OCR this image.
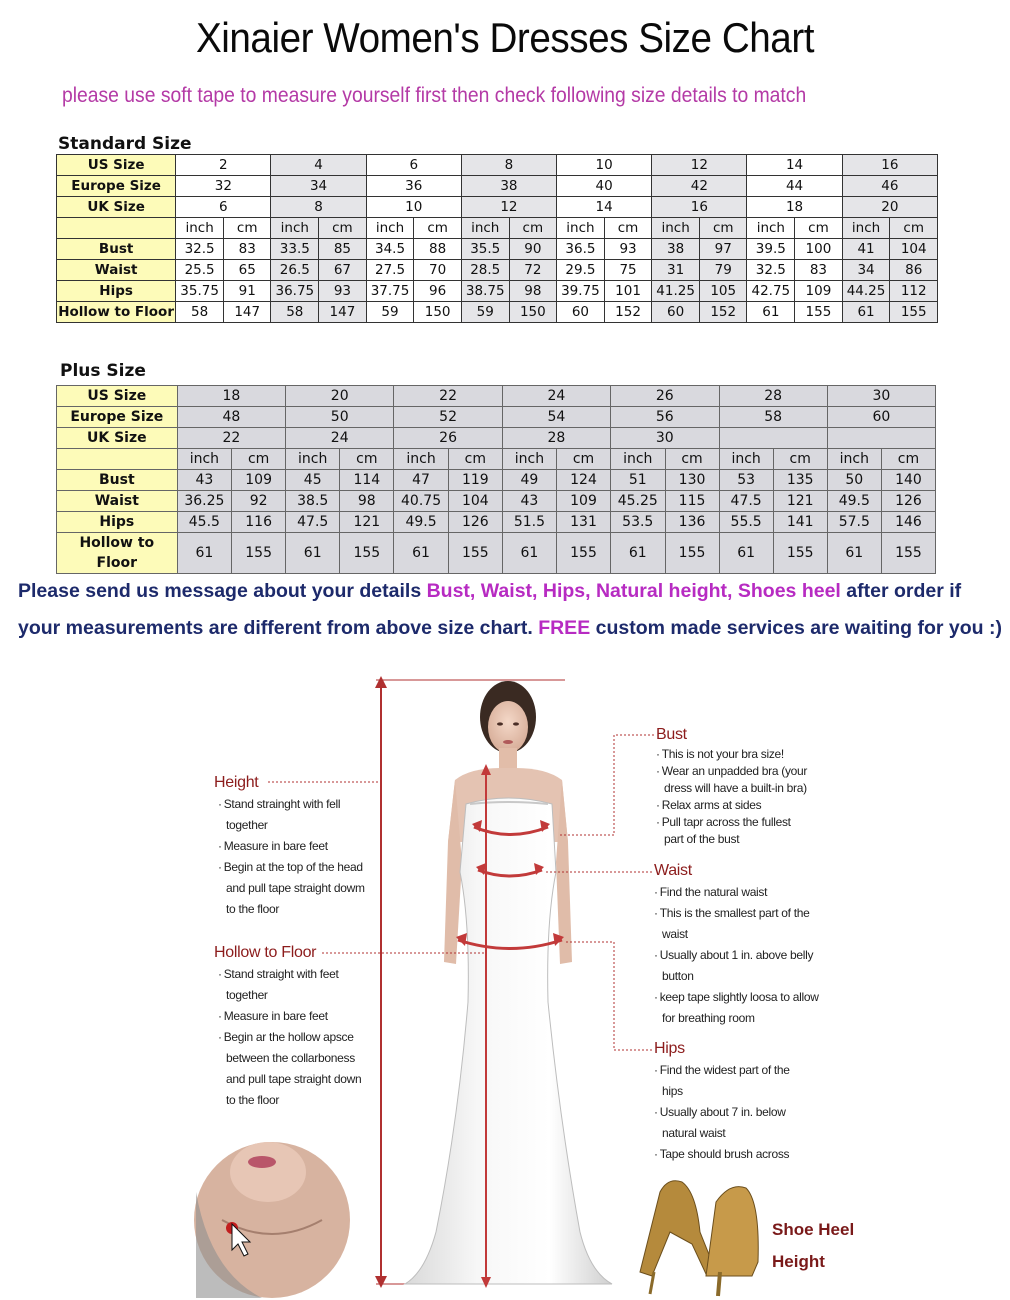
Xinaier Women's Dresses Size Chart
please use soft tape to measure yourself first then check following size details to match
Standard Size
US Size	2		4		6		8		10		12		14		16	
Europe Size	32		34		36		38		40		42		44		46	
UK Size	6		8		10		12		14		16		18		20	
	inch	cm	inch	cm	inch	cm	inch	cm	inch	cm	inch	cm	inch	cm	inch	cm
Bust	32.5	83	33.5	85	34.5	88	35.5	90	36.5	93	38	97	39.5	100	41	104
Waist	25.5	65	26.5	67	27.5	70	28.5	72	29.5	75	31	79	32.5	83	34	86
Hips	35.75	91	36.75	93	37.75	96	38.75	98	39.75	101	41.25	105	42.75	109	44.25	112
Hollow to Floor	58	147	58	147	59	150	59	150	60	152	60	152	61	155	61	155
Plus Size
US Size	18		20		22		24		26		28		30	
Europe Size	48		50		52		54		56		58		60	
UK Size	22		24		26		28		30					
	inch	cm	inch	cm	inch	cm	inch	cm	inch	cm	inch	cm	inch	cm
Bust	43	109	45	114	47	119	49	124	51	130	53	135	50	140
Waist	36.25	92	38.5	98	40.75	104	43	109	45.25	115	47.5	121	49.5	126
Hips	45.5	116	47.5	121	49.5	126	51.5	131	53.5	136	55.5	141	57.5	146
Hollow to Floor	61	155	61	155	61	155	61	155	61	155	61	155	61	155
Please send us message about your details Bust, Waist, Hips, Natural height, Shoes heel after order if your measurements are different from above size chart. FREE custom made services are waiting for you :)
Height
· Stand strainght with fell
together
· Measure in bare feet
· Begin at the top of the head
and pull tape straight dowm
to the floor
Hollow to Floor
· Stand straight with feet
together
· Measure in bare feet
· Begin ar the hollow apsce
between the collarboness
and pull tape straight down
to the floor
Bust
· This is not your bra size!
· Wear an unpadded bra (your
dress will have a built-in bra)
· Relax arms at sides
· Pull tapr across the fullest
part of the bust
Waist
· Find the natural waist
· This is the smallest part of the
waist
· Usually about 1 in. above belly
button
· keep tape slightly loosa to allow
for breathing room
Hips
· Find the widest part of the
hips
· Usually about 7 in. below
natural waist
· Tape should brush across
Shoe Heel
Height
